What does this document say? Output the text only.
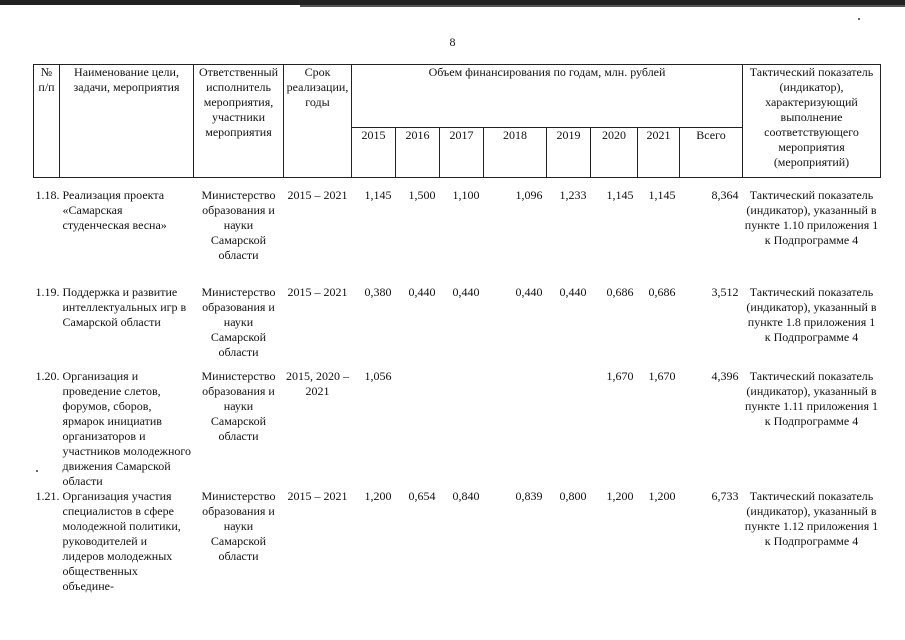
8
№ п/п	Наименование цели, задачи, мероприятия	Ответственный исполнитель мероприятия, участники мероприятия	Срок реализации, годы	Объем финансирования по годам, млн. рублей								Тактический показатель (индикатор), характеризующий выполнение соответствующего мероприятия (мероприятий)
				2015	2016	2017	2018	2019	2020	2021	Всего	

1.18.	Реализация проекта «Самарская студенческая весна»	Министерство образования и науки Самарской области	2015 – 2021	1,145	1,500	1,100	1,096	1,233	1,145	1,145	8,364	Тактический показатель (индикатор), указанный в пункте 1.10 приложения 1 к Подпрограмме 4
1.19.	Поддержка и развитие интеллектуальных игр в Самарской области	Министерство образования и науки Самарской области	2015 – 2021	0,380	0,440	0,440	0,440	0,440	0,686	0,686	3,512	Тактический показатель (индикатор), указанный в пункте 1.8 приложения 1 к Подпрограмме 4
1.20.	Организация и проведение слетов, форумов, сборов, ярмарок инициатив организаторов и участников молодежного движения Самарской области	Министерство образования и науки Самарской области	2015, 2020 – 2021	1,056					1,670	1,670	4,396	Тактический показатель (индикатор), указанный в пункте 1.11 приложения 1 к Подпрограмме 4
1.21.	Организация участия специалистов в сфере молодежной политики, руководителей и лидеров молодежных общественных объедине-	Министерство образования и науки Самарской области	2015 – 2021	1,200	0,654	0,840	0,839	0,800	1,200	1,200	6,733	Тактический показатель (индикатор), указанный в пункте 1.12 приложения 1 к Подпрограмме 4
